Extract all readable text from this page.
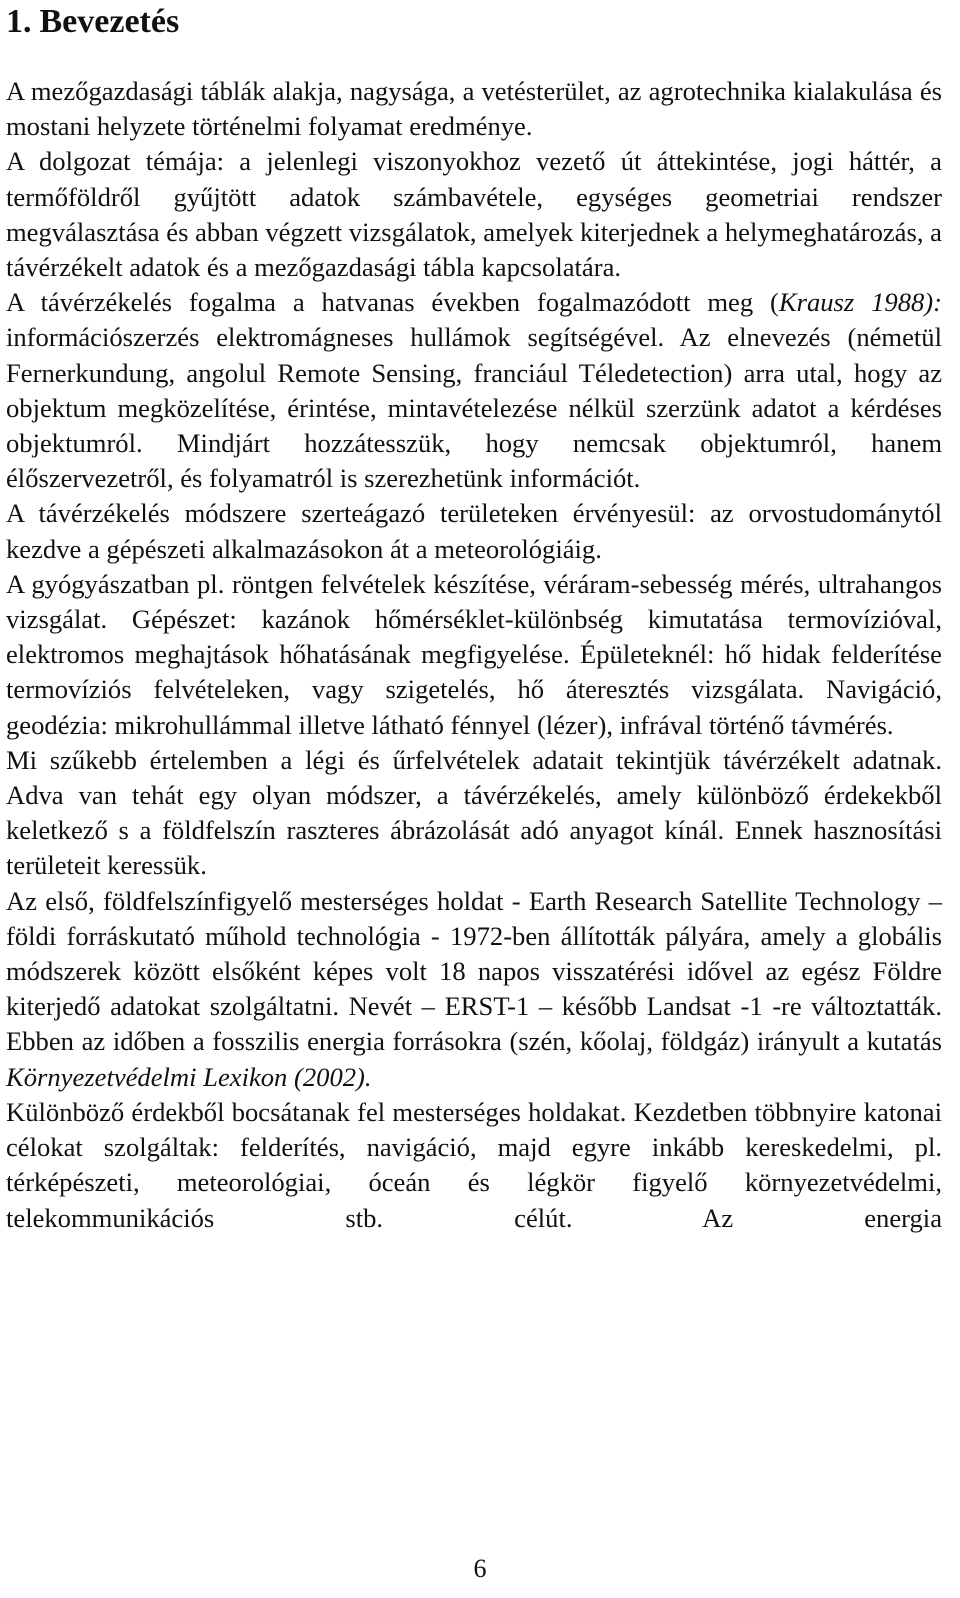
1. Bevezetés

A mezőgazdasági táblák alakja, nagysága, a vetésterület, az agrotechnika kialakulása és mostani helyzete történelmi folyamat eredménye.

A dolgozat témája: a jelenlegi viszonyokhoz vezető út áttekintése, jogi háttér, a termőföldről gyűjtött adatok számbavétele, egységes geometriai rendszer megválasztása és abban végzett vizsgálatok, amelyek kiterjednek a helymeghatározás, a távérzékelt adatok és a mezőgazdasági tábla kapcsolatára.

A távérzékelés fogalma a hatvanas években fogalmazódott meg (Krausz 1988): információszerzés elektromágneses hullámok segítségével. Az elnevezés (németül Fernerkundung, angolul Remote Sensing, franciául Téledetection) arra utal, hogy az objektum megközelítése, érintése, mintavételezése nélkül szerzünk adatot a kérdéses objektumról. Mindjárt hozzátesszük, hogy nemcsak objektumról, hanem élőszervezetről, és folyamatról is szerezhetünk információt.

A távérzékelés módszere szerteágazó területeken érvényesül: az orvostudománytól kezdve a gépészeti alkalmazásokon át a meteorológiáig.

A gyógyászatban pl. röntgen felvételek készítése, véráram-sebesség mérés, ultrahangos vizsgálat. Gépészet: kazánok hőmérséklet-különbség kimutatása termovízióval, elektromos meghajtások hőhatásának megfigyelése. Épületeknél: hő hidak felderítése termovíziós felvételeken, vagy szigetelés, hő áteresztés vizsgálata. Navigáció, geodézia: mikrohullámmal illetve látható fénnyel (lézer), infrával történő távmérés.

Mi szűkebb értelemben a légi és űrfelvételek adatait tekintjük távérzékelt adatnak. Adva van tehát egy olyan módszer, a távérzékelés, amely különböző érdekekből keletkező s a földfelszín raszteres ábrázolását adó anyagot kínál. Ennek hasznosítási területeit keressük.

Az első, földfelszínfigyelő mesterséges holdat - Earth Research Satellite Technology – földi forráskutató műhold technológia - 1972-ben állították pályára, amely a globális módszerek között elsőként képes volt 18 napos visszatérési idővel az egész Földre kiterjedő adatokat szolgáltatni. Nevét – ERST-1 – később Landsat -1 -re változtatták. Ebben az időben a fosszilis energia forrásokra (szén, kőolaj, földgáz) irányult a kutatás Környezetvédelmi Lexikon (2002).

Különböző érdekből bocsátanak fel mesterséges holdakat. Kezdetben többnyire katonai célokat szolgáltak: felderítés, navigáció, majd egyre inkább kereskedelmi, pl. térképészeti, meteorológiai, óceán és légkör figyelő környezetvédelmi, telekommunikációs stb. célút. Az energia

6
